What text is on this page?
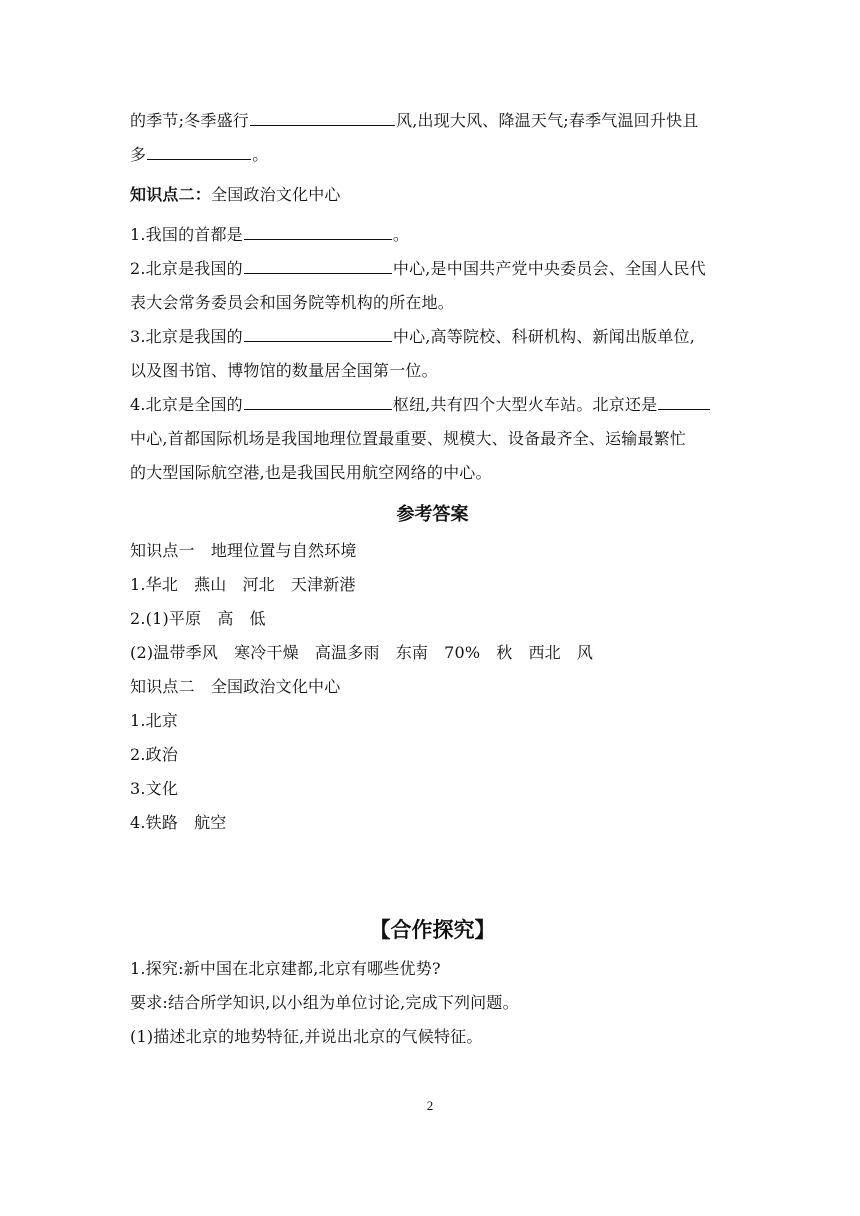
的季节;冬季盛行	风,出现大风、降温天气;春季气温回升快且
多	。
知识点二：全国政治文化中心
1.我国的首都是	。
2.北京是我国的	中心,是中国共产党中央委员会、全国人民代
表大会常务委员会和国务院等机构的所在地。
3.北京是我国的	中心,高等院校、科研机构、新闻出版单位,
以及图书馆、博物馆的数量居全国第一位。
4.北京是全国的	枢纽,共有四个大型火车站。北京还是
中心,首都国际机场是我国地理位置最重要、规模大、设备最齐全、运输最繁忙
的大型国际航空港,也是我国民用航空网络的中心。
参考答案
知识点一 地理位置与自然环境
1.华北 燕山 河北 天津新港
2.(1)平原 高 低
(2)温带季风 寒冷干燥 高温多雨 东南 70% 秋 西北 风
知识点二 全国政治文化中心
1.北京
2.政治
3.文化
4.铁路 航空
【合作探究】
1.探究:新中国在北京建都,北京有哪些优势?
要求:结合所学知识,以小组为单位讨论,完成下列问题。
(1)描述北京的地势特征,并说出北京的气候特征。
2
